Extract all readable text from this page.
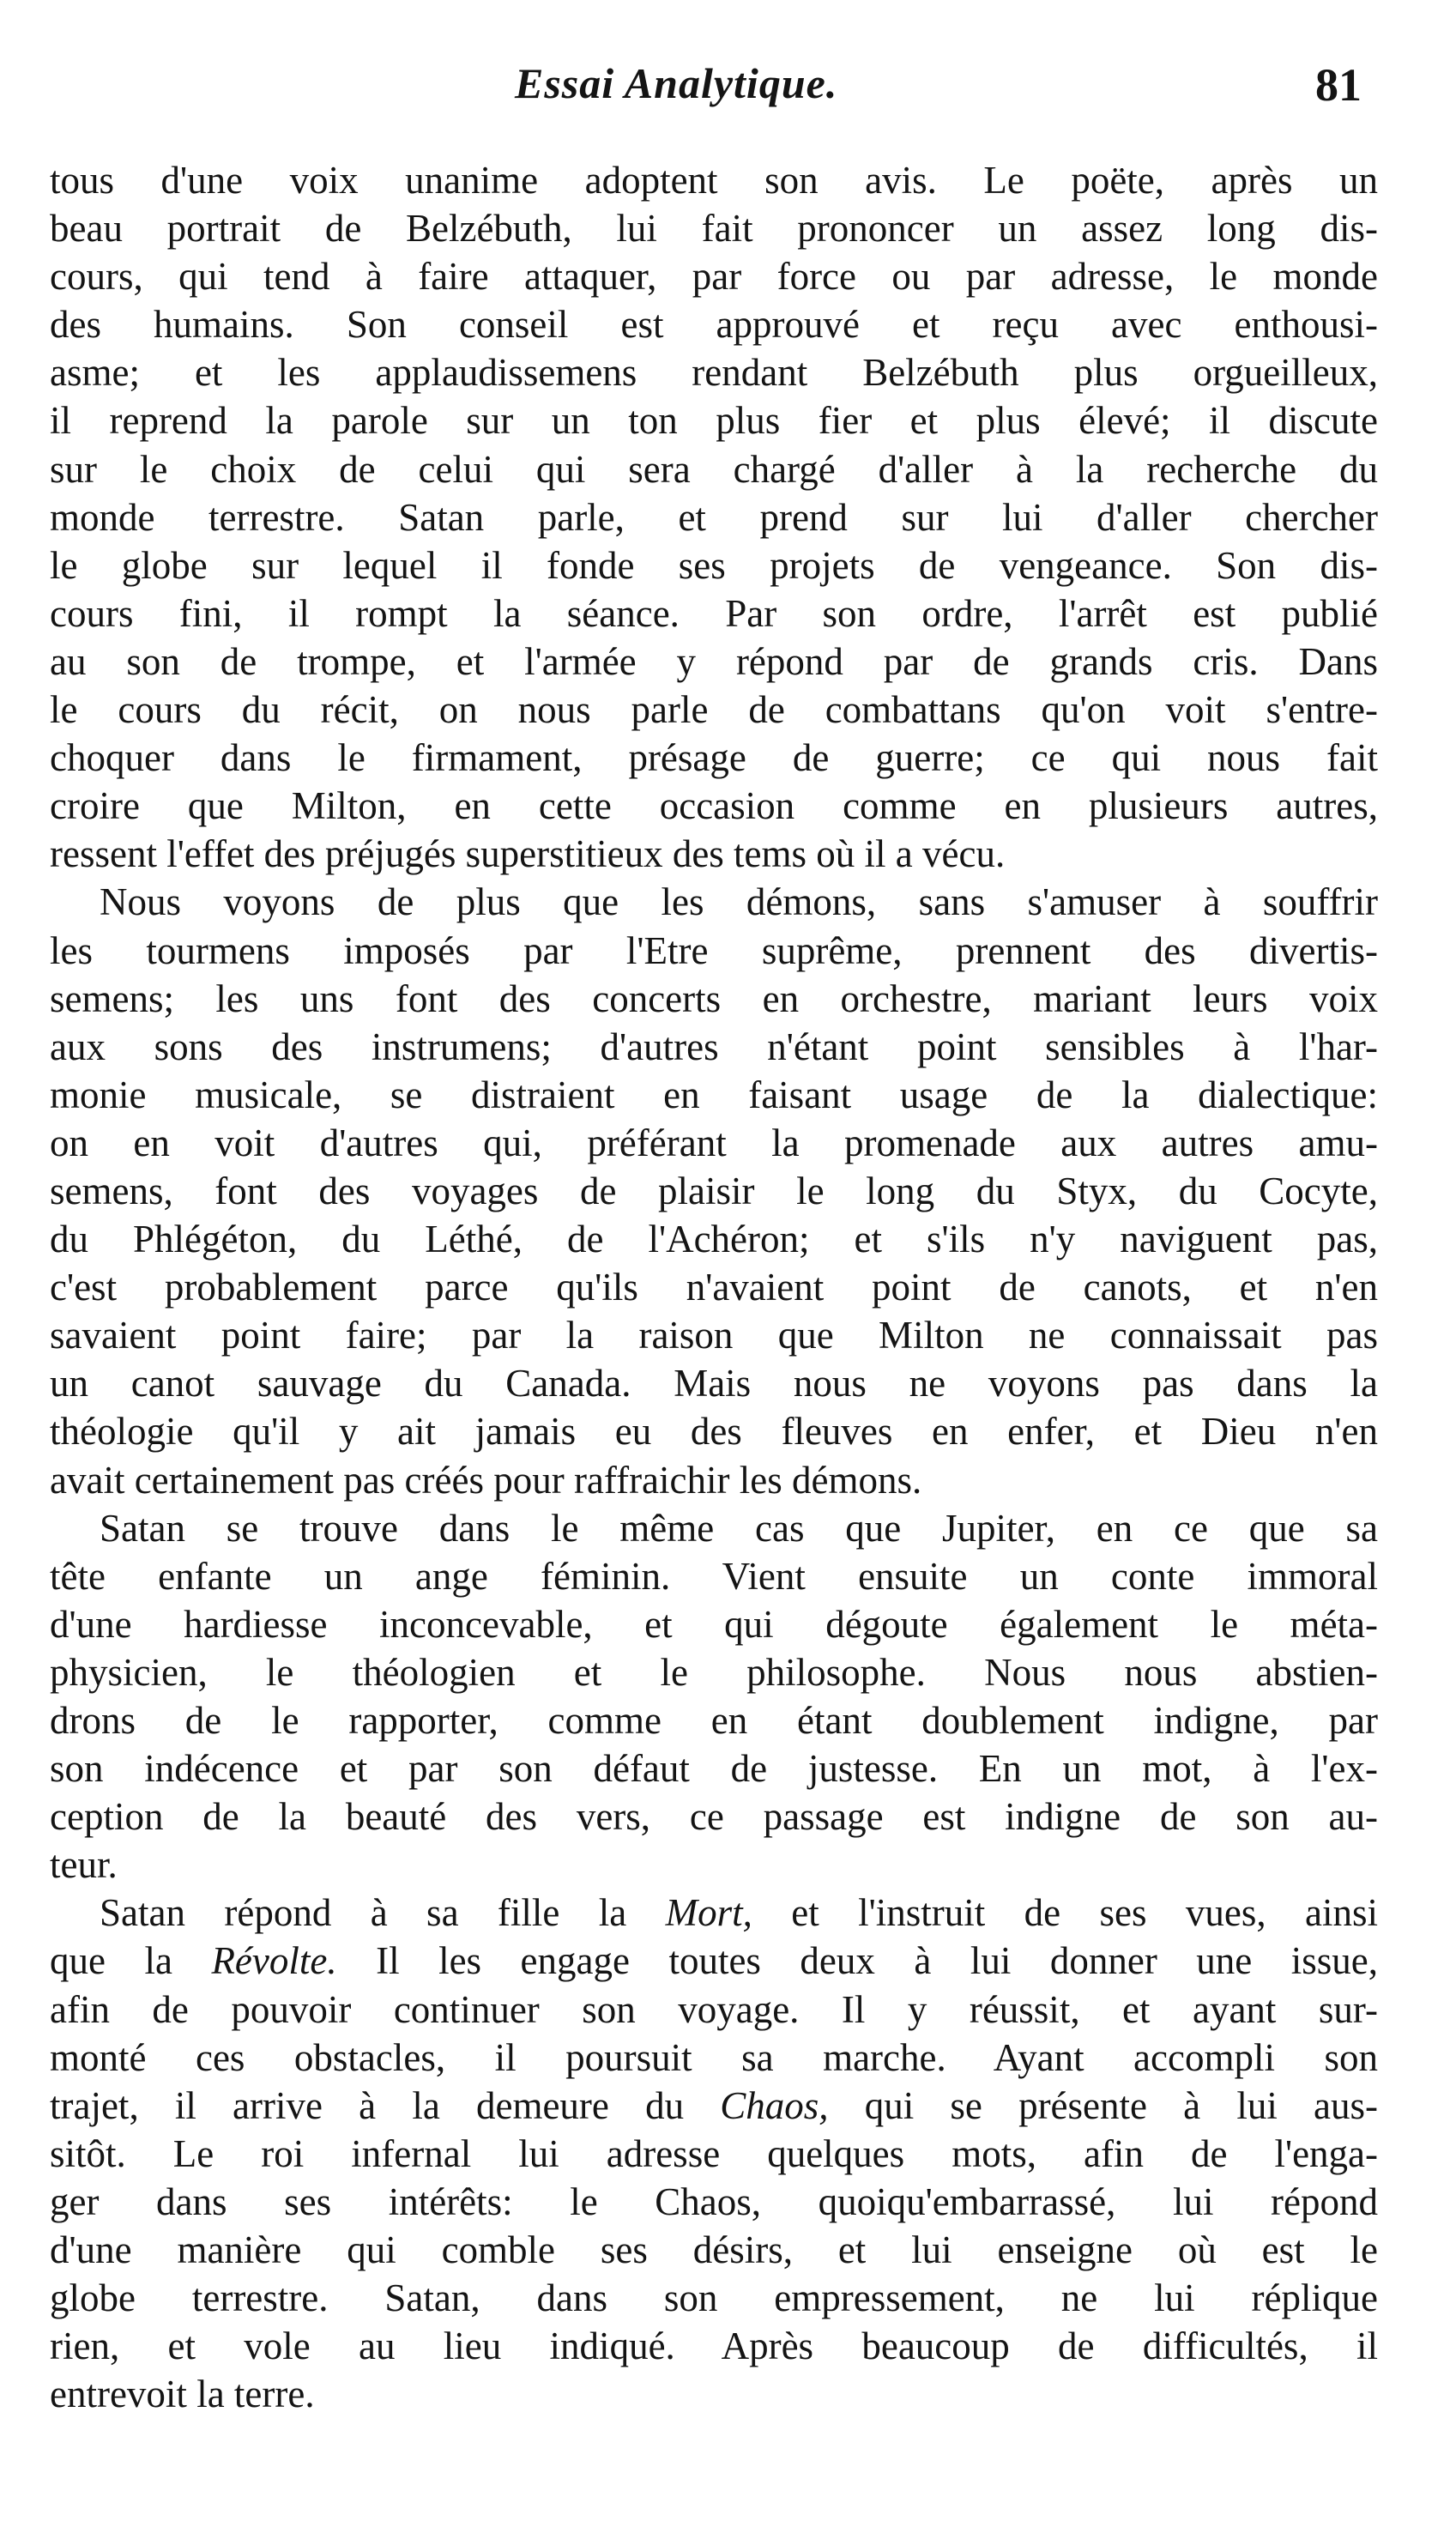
Essai Analytique.	81
tous d'une voix unanime adoptent son avis. Le poëte, après un
beau portrait de Belzébuth, lui fait prononcer un assez long dis-
cours, qui tend à faire attaquer, par force ou par adresse, le monde
des humains. Son conseil est approuvé et reçu avec enthousi-
asme; et les applaudissemens rendant Belzébuth plus orgueilleux,
il reprend la parole sur un ton plus fier et plus élevé; il discute
sur le choix de celui qui sera chargé d'aller à la recherche du
monde terrestre. Satan parle, et prend sur lui d'aller chercher
le globe sur lequel il fonde ses projets de vengeance. Son dis-
cours fini, il rompt la séance. Par son ordre, l'arrêt est publié
au son de trompe, et l'armée y répond par de grands cris. Dans
le cours du récit, on nous parle de combattans qu'on voit s'entre-
choquer dans le firmament, présage de guerre; ce qui nous fait
croire que Milton, en cette occasion comme en plusieurs autres,
ressent l'effet des préjugés superstitieux des tems où il a vécu.
Nous voyons de plus que les démons, sans s'amuser à souffrir
les tourmens imposés par l'Etre suprême, prennent des divertis-
semens; les uns font des concerts en orchestre, mariant leurs voix
aux sons des instrumens; d'autres n'étant point sensibles à l'har-
monie musicale, se distraient en faisant usage de la dialectique:
on en voit d'autres qui, préférant la promenade aux autres amu-
semens, font des voyages de plaisir le long du Styx, du Cocyte,
du Phlégéton, du Léthé, de l'Achéron; et s'ils n'y naviguent pas,
c'est probablement parce qu'ils n'avaient point de canots, et n'en
savaient point faire; par la raison que Milton ne connaissait pas
un canot sauvage du Canada. Mais nous ne voyons pas dans la
théologie qu'il y ait jamais eu des fleuves en enfer, et Dieu n'en
avait certainement pas créés pour raffraichir les démons.
Satan se trouve dans le même cas que Jupiter, en ce que sa
tête enfante un ange féminin. Vient ensuite un conte immoral
d'une hardiesse inconcevable, et qui dégoute également le méta-
physicien, le théologien et le philosophe. Nous nous abstien-
drons de le rapporter, comme en étant doublement indigne, par
son indécence et par son défaut de justesse. En un mot, à l'ex-
ception de la beauté des vers, ce passage est indigne de son au-
teur.
Satan répond à sa fille la Mort, et l'instruit de ses vues, ainsi
que la Révolte. Il les engage toutes deux à lui donner une issue,
afin de pouvoir continuer son voyage. Il y réussit, et ayant sur-
monté ces obstacles, il poursuit sa marche. Ayant accompli son
trajet, il arrive à la demeure du Chaos, qui se présente à lui aus-
sitôt. Le roi infernal lui adresse quelques mots, afin de l'enga-
ger dans ses intérêts: le Chaos, quoiqu'embarrassé, lui répond
d'une manière qui comble ses désirs, et lui enseigne où est le
globe terrestre. Satan, dans son empressement, ne lui réplique
rien, et vole au lieu indiqué. Après beaucoup de difficultés, il
entrevoit la terre.
